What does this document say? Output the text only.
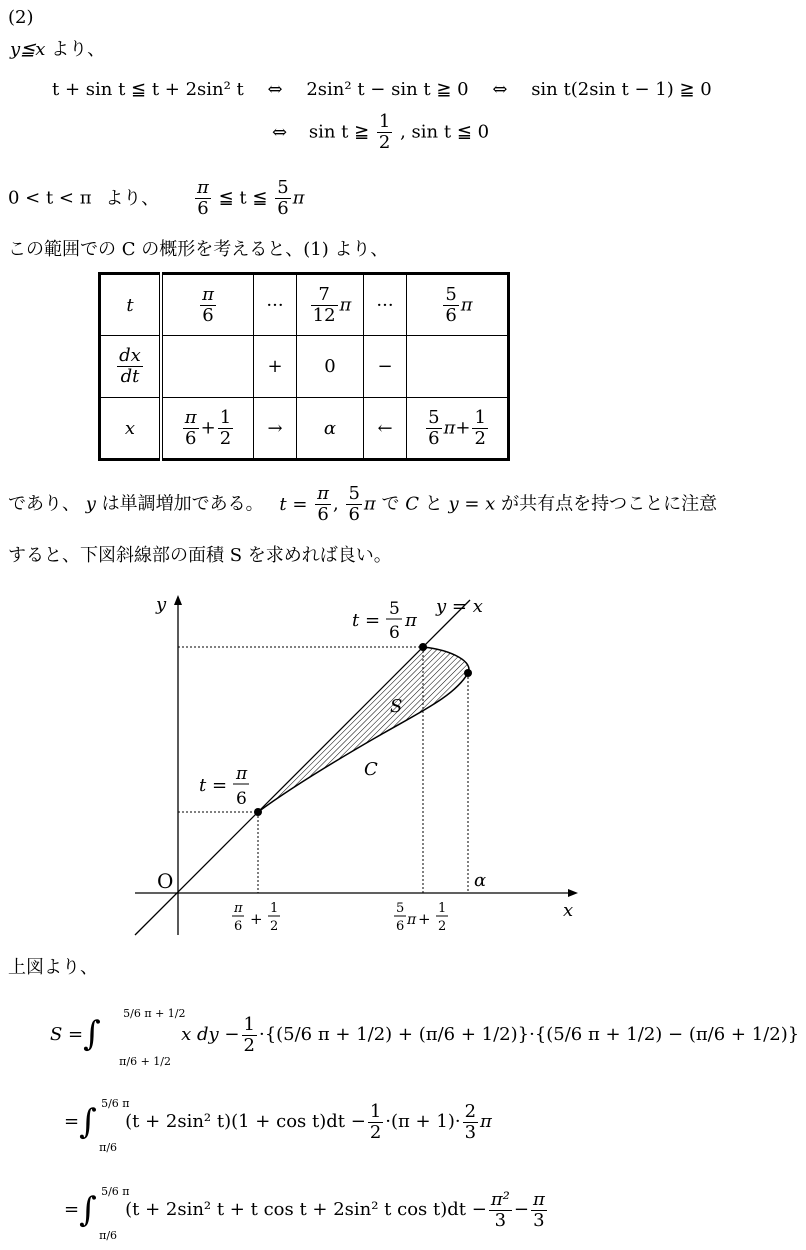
(2)
y≦x より、
t + sin t ≦ t + 2sin² t ⇔ 2sin² t − sin t ≧ 0 ⇔ sin t(2sin t − 1) ≧ 0
⇔ sin t ≧ $\frac{1}{2}$ , sin t ≦ 0
0 < t < π より、 $\frac{\pi}{6}$ ≦ t ≦ $\frac{5}{6}$ π
この範囲での C の概形を考えると、(1) より、
t	$\frac{\pi}{6}$	···	$\frac{7}{12}$ π	···	$\frac{5}{6}$ π

$\frac{dx}{dt}$		+	0	−	
x	$\frac{\pi}{6} + \frac{1}{2}$	→	α	←	$\frac{5}{6} \pi+ \frac{1}{2}$
であり、 y は単調増加である。 $t = \frac{\pi}{6}$ , $\frac{5}{6}$ π で C と y = x が共有点を持つことに注意
すると、下図斜線部の面積 S を求めれば良い。
y
x
O
y = x
C
S
α
t =
5
6
π
t =
π
6
π
6 +
1
2
5
6 π +
1
2
上図より、
S = ∫
5/6 π + 1/2
π/6 + 1/2
x dy − $\frac{1}{2} \cdot\{(5/6$ π + 1/2) + (π/6 + 1/2)}·{(5/6 π + 1/2) − (π/6 + 1/2)}
= ∫ 5/6 π
π/6
(t + 2sin² $t)(1 + \cos t)dt - \frac{1}{2} \cdot(\pi + 1)\cdot \frac{2}{3}$ π
= ∫ 5/6 π
π/6
(t + 2sin² t + t cos t + 2sin² t $\cos t)dt - \frac{\text{π²}}{3} - \frac{\pi}{3}$
